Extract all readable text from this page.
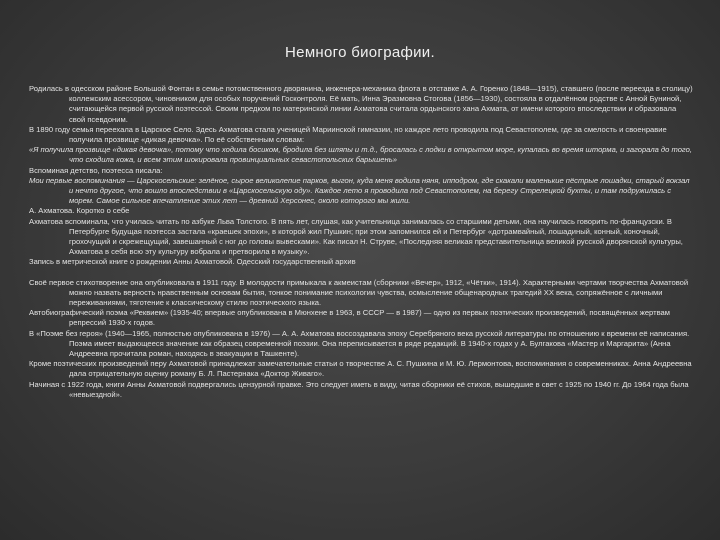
Немного биографии.

Родилась в одесском районе Большой Фонтан в семье потомственного дворянина, инженера-механика флота в отставке А. А. Горенко (1848—1915), ставшего (после переезда в столицу) коллежским асессором, чиновником для особых поручений Госконтроля. Её мать, Инна Эразмовна Стогова (1856—1930), состояла в отдалённом родстве с Анной Буниной, считающейся первой русской поэтессой. Своим предком по материнской линии Ахматова считала ордынского хана Ахмата, от имени которого впоследствии и образовала свой псевдоним.

В 1890 году семья переехала в Царское Село. Здесь Ахматова стала ученицей Мариинской гимназии, но каждое лето проводила под Севастополем, где за смелость и своенравие получила прозвище «дикая девочка». По её собственным словам:

«Я получила прозвище «дикая девочка», потому что ходила босиком, бродила без шляпы и т.д., бросалась с лодки в открытом море, купалась во время шторма, и загорала до того, что сходила кожа, и всем этим шокировала провинциальных севастопольских барышень»

Вспоминая детство, поэтесса писала:

Мои первые воспоминания — Царскосельские: зелёное, сырое великолепие парков, выгон, куда меня водила няня, ипподром, где скакали маленькие пёстрые лошадки, старый вокзал и нечто другое, что вошло впоследствии в «Царскосельскую оду». Каждое лето я проводила под Севастополем, на берегу Стрелецкой бухты, и там подружилась с морем. Самое сильное впечатление этих лет — древний Херсонес, около которого мы жили.

А. Ахматова. Коротко о себе

Ахматова вспоминала, что училась читать по азбуке Льва Толстого. В пять лет, слушая, как учительница занималась со старшими детьми, она научилась говорить по-французски. В Петербурге будущая поэтесса застала «краешек эпохи», в которой жил Пушкин; при этом запомнился ей и Петербург «дотрамвайный, лошадиный, конный, коночный, грохочущий и скрежещущий, завешанный с ног до головы вывесками». Как писал Н. Струве, «Последняя великая представительница великой русской дворянской культуры, Ахматова в себя всю эту культуру вобрала и претворила в музыку».

Запись в метрической книге о рождении Анны Ахматовой. Одесский государственный архив

Своё первое стихотворение она опубликовала в 1911 году. В молодости примыкала к акмеистам (сборники «Вечер», 1912, «Чётки», 1914). Характерными чертами творчества Ахматовой можно назвать верность нравственным основам бытия, тонкое понимание психологии чувства, осмысление общенародных трагедий XX века, сопряжённое с личными переживаниями, тяготение к классическому стилю поэтического языка.

Автобиографический поэма «Реквием» (1935-40; впервые опубликована в Мюнхене в 1963, в СССР — в 1987) — одно из первых поэтических произведений, посвящённых жертвам репрессий 1930-х годов.

В «Поэме без героя» (1940—1965, полностью опубликована в 1976) — А. А. Ахматова воссоздавала эпоху Серебряного века русской литературы по отношению к времени её написания. Поэма имеет выдающееся значение как образец современной поэзии. Она переписывается в ряде редакций. В 1940-х годах у А. Булгакова «Мастер и Маргарита» (Анна Андреевна прочитала роман, находясь в эвакуации в Ташкенте).

Кроме поэтических произведений перу Ахматовой принадлежат замечательные статьи о творчестве А. С. Пушкина и М. Ю. Лермонтова, воспоминания о современниках. Анна Андреевна дала отрицательную оценку роману Б. Л. Пастернака «Доктор Живаго».

Начиная с 1922 года, книги Анны Ахматовой подвергались цензурной правке. Это следует иметь в виду, читая сборники её стихов, вышедшие в свет с 1925 по 1940 гг. До 1964 года была «невыездной».
